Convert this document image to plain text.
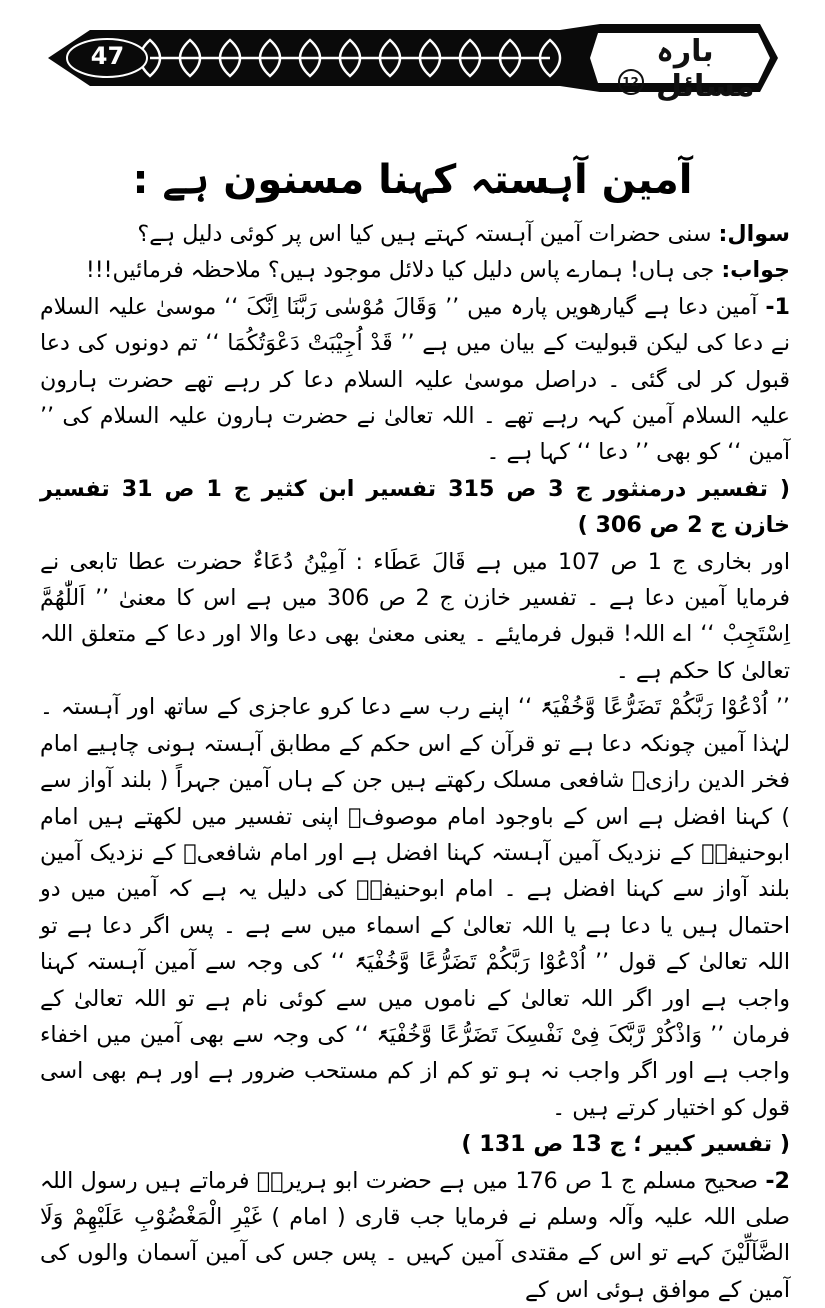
47	بارہ مسائل 12
آمین آہستہ کہنا مسنون ہے :

سوال: سنی حضرات آمین آہستہ کہتے ہیں کیا اس پر کوئی دلیل ہے؟

جواب: جی ہاں! ہمارے پاس دلیل کیا دلائل موجود ہیں؟ ملاحظہ فرمائیں!!!

1- آمین دعا ہے گیارھویں پارہ میں ’’ وَقَالَ مُوْسٰی رَبَّنَا اِنَّکَ ‘‘ موسیٰ علیہ السلام نے دعا کی لیکن قبولیت کے بیان میں ہے ’’ قَدْ اُجِیْبَتْ دَعْوَتُکُمَا ‘‘ تم دونوں کی دعا قبول کر لی گئی ۔ دراصل موسیٰ علیہ السلام دعا کر رہے تھے حضرت ہارون علیہ السلام آمین کہہ رہے تھے ۔ اللہ تعالیٰ نے حضرت ہارون علیہ السلام کی ’’ آمین ‘‘ کو بھی ’’ دعا ‘‘ کہا ہے ۔

( تفسیر درمنثور ج 3 ص 315 تفسیر ابن کثیر ج 1 ص 31 تفسیر خازن ج 2 ص 306 )

اور بخاری ج 1 ص 107 میں ہے قَالَ عَطَاء : آمِیْنُ دُعَاءٌ حضرت عطا تابعی نے فرمایا آمین دعا ہے ۔ تفسیر خازن ج 2 ص 306 میں ہے اس کا معنیٰ ’’ اَللّٰھُمَّ اِسْتَجِبْ ‘‘ اے اللہ! قبول فرمایئے ۔ یعنی معنیٰ بھی دعا والا اور دعا کے متعلق اللہ تعالیٰ کا حکم ہے ۔

’’ اُدْعُوْا رَبَّکُمْ تَضَرُّعًا وَّخُفْیَۃً ‘‘ اپنے رب سے دعا کرو عاجزی کے ساتھ اور آہستہ ۔ لہٰذا آمین چونکہ دعا ہے تو قرآن کے اس حکم کے مطابق آہستہ ہونی چاہیے امام فخر الدین رازیؒ شافعی مسلک رکھتے ہیں جن کے ہاں آمین جہراً ( بلند آواز سے ) کہنا افضل ہے اس کے باوجود امام موصوفؒ اپنی تفسیر میں لکھتے ہیں امام ابوحنیفہؒ کے نزدیک آمین آہستہ کہنا افضل ہے اور امام شافعیؒ کے نزدیک آمین بلند آواز سے کہنا افضل ہے ۔ امام ابوحنیفہؒ کی دلیل یہ ہے کہ آمین میں دو احتمال ہیں یا دعا ہے یا اللہ تعالیٰ کے اسماء میں سے ہے ۔ پس اگر دعا ہے تو اللہ تعالیٰ کے قول ’’ اُدْعُوْا رَبَّکُمْ تَضَرُّعًا وَّخُفْیَۃً ‘‘ کی وجہ سے آمین آہستہ کہنا واجب ہے اور اگر اللہ تعالیٰ کے ناموں میں سے کوئی نام ہے تو اللہ تعالیٰ کے فرمان ’’ وَاذْکُرْ رَّبَّکَ فِیْ نَفْسِکَ تَضَرُّعًا وَّخُفْیَۃً ‘‘ کی وجہ سے بھی آمین میں اخفاء واجب ہے اور اگر واجب نہ ہو تو کم از کم مستحب ضرور ہے اور ہم بھی اسی قول کو اختیار کرتے ہیں ۔

( تفسیر کبیر ؛ ج 13 ص 131 )

2- صحیح مسلم ج 1 ص 176 میں ہے حضرت ابو ہریرہؓ فرماتے ہیں رسول اللہ صلی اللہ علیہ وآلہ وسلم نے فرمایا جب قاری ( امام ) غَیْرِ الْمَغْضُوْبِ عَلَیْھِمْ وَلَا الضَّآلِّیْنَ کہے تو اس کے مقتدی آمین کہیں ۔ پس جس کی آمین آسمان والوں کی آمین کے موافق ہوئی اس کے
